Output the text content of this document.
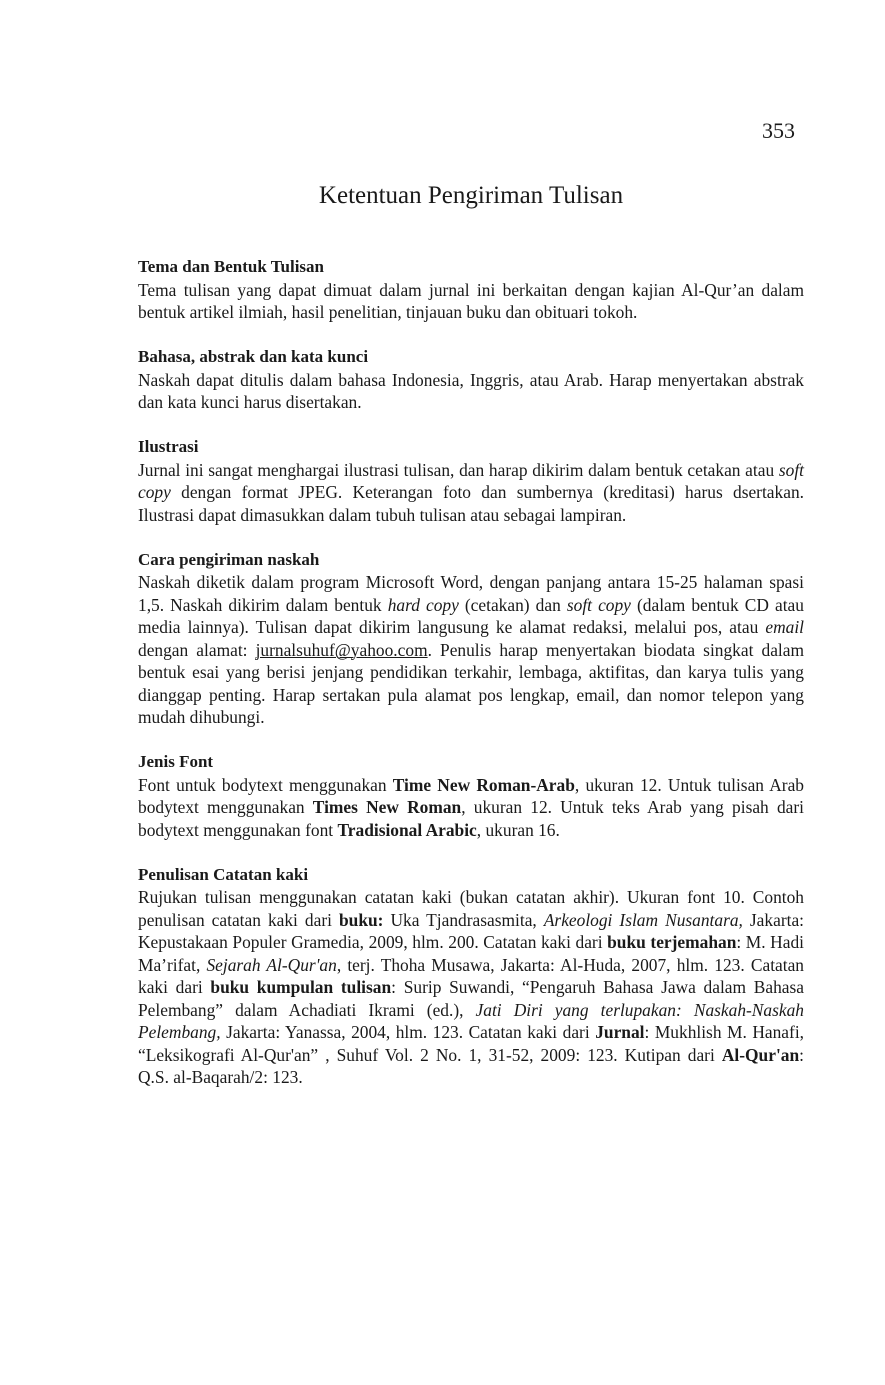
353
Ketentuan Pengiriman Tulisan

Tema dan Bentuk Tulisan

Tema tulisan yang dapat dimuat dalam jurnal ini berkaitan dengan kajian Al-Qur’an dalam bentuk artikel ilmiah, hasil penelitian, tinjauan buku dan obituari tokoh.

Bahasa, abstrak dan kata kunci

Naskah dapat ditulis dalam bahasa Indonesia, Inggris, atau Arab. Harap menyertakan abstrak dan kata kunci harus disertakan.

Ilustrasi

Jurnal ini sangat menghargai ilustrasi tulisan, dan harap dikirim dalam bentuk cetakan atau soft copy dengan format JPEG. Keterangan foto dan sumbernya (kreditasi) harus dsertakan. Ilustrasi dapat dimasukkan dalam tubuh tulisan atau sebagai lampiran.

Cara pengiriman naskah

Naskah diketik dalam program Microsoft Word, dengan panjang antara 15-25 halaman spasi 1,5. Naskah dikirim dalam bentuk hard copy (cetakan) dan soft copy (dalam bentuk CD atau media lainnya). Tulisan dapat dikirim langusung ke alamat redaksi, melalui pos, atau email dengan alamat: jurnalsuhuf@yahoo.com. Penulis harap menyertakan biodata singkat dalam bentuk esai yang berisi jenjang pendidikan terkahir, lembaga, aktifitas, dan karya tulis yang dianggap penting. Harap sertakan pula alamat pos lengkap, email, dan nomor telepon yang mudah dihubungi.

Jenis Font

Font untuk bodytext menggunakan Time New Roman-Arab, ukuran 12. Untuk tulisan Arab bodytext menggunakan Times New Roman, ukuran 12. Untuk teks Arab yang pisah dari bodytext menggunakan font Tradisional Arabic, ukuran 16.

Penulisan Catatan kaki

Rujukan tulisan menggunakan catatan kaki (bukan catatan akhir). Ukuran font 10. Contoh penulisan catatan kaki dari buku: Uka Tjandrasasmita, Arkeologi Islam Nusantara, Jakarta: Kepustakaan Populer Gramedia, 2009, hlm. 200. Catatan kaki dari buku terjemahan: M. Hadi Ma’rifat, Sejarah Al-Qur'an, terj. Thoha Musawa, Jakarta: Al-Huda, 2007, hlm. 123. Catatan kaki dari buku kumpulan tulisan: Surip Suwandi, “Pengaruh Bahasa Jawa dalam Bahasa Pelembang” dalam Achadiati Ikrami (ed.), Jati Diri yang terlupakan: Naskah-Naskah Pelembang, Jakarta: Yanassa, 2004, hlm. 123. Catatan kaki dari Jurnal: Mukhlish M. Hanafi, “Leksikografi Al-Qur'an” , Suhuf Vol. 2 No. 1, 31-52, 2009: 123. Kutipan dari Al-Qur'an: Q.S. al-Baqarah/2: 123.
